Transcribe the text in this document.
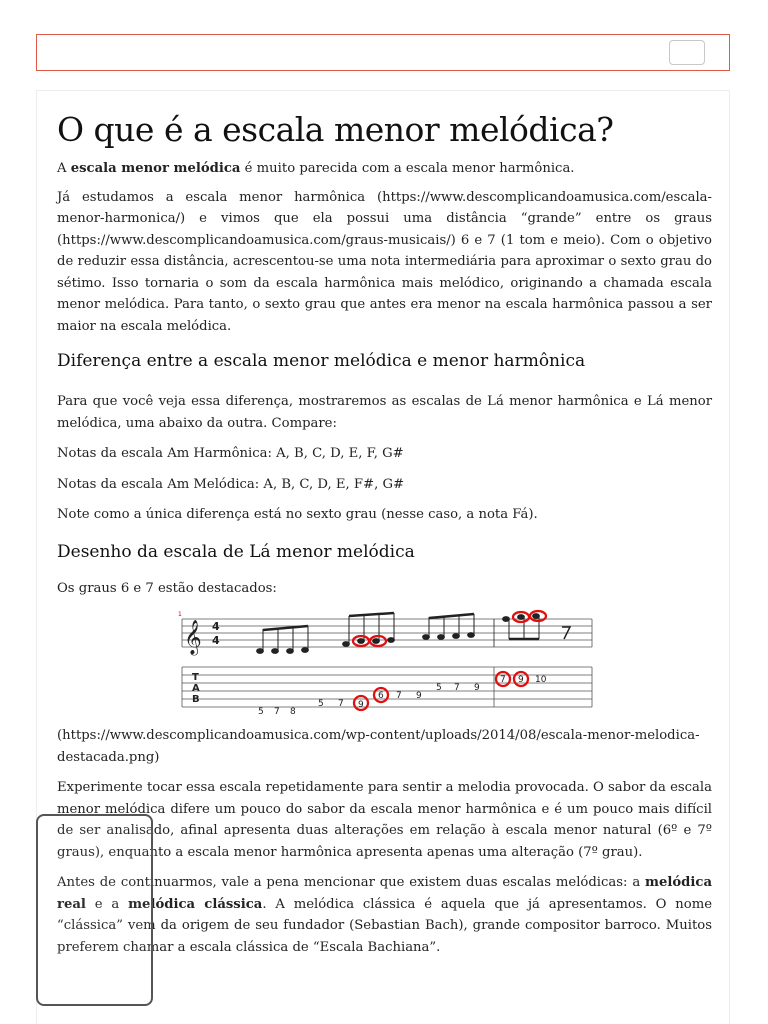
O que é a escala menor melódica?

A escala menor melódica é muito parecida com a escala menor harmônica.

Já estudamos a escala menor harmônica (https://www.descomplicandoamusica.com/escala-menor-harmonica/) e vimos que ela possui uma distância “grande” entre os graus (https://www.descomplicandoamusica.com/graus-musicais/) 6 e 7 (1 tom e meio). Com o objetivo de reduzir essa distância, acrescentou-se uma nota intermediária para aproximar o sexto grau do sétimo. Isso tornaria o som da escala harmônica mais melódico, originando a chamada escala menor melódica. Para tanto, o sexto grau que antes era menor na escala harmônica passou a ser maior na escala melódica.

Diferença entre a escala menor melódica e menor harmônica

Para que você veja essa diferença, mostraremos as escalas de Lá menor harmônica e Lá menor melódica, uma abaixo da outra. Compare:

Notas da escala Am Harmônica: A, B, C, D, E, F, G#

Notas da escala Am Melódica: A, B, C, D, E, F#, G#

Note como a única diferença está no sexto grau (nesse caso, a nota Fá).

Desenho da escala de Lá menor melódica

Os graus 6 e 7 estão destacados:

1
𝄞 4
4
T
A
B
5 7 8
5 7 9
6 7 9
5 7 9
7 9 10

(https://www.descomplicandoamusica.com/wp-content/uploads/2014/08/escala-menor-melodica-destacada.png)

Experimente tocar essa escala repetidamente para sentir a melodia provocada. O sabor da escala menor melódica difere um pouco do sabor da escala menor harmônica e é um pouco mais difícil de ser analisado, afinal apresenta duas alterações em relação à escala menor natural (6º e 7º graus), enquanto a escala menor harmônica apresenta apenas uma alteração (7º grau).

Antes de continuarmos, vale a pena mencionar que existem duas escalas melódicas: a melódica real e a melódica clássica. A melódica clássica é aquela que já apresentamos. O nome “clássica” vem da origem de seu fundador (Sebastian Bach), grande compositor barroco. Muitos preferem chamar a escala clássica de “Escala Bachiana”.
